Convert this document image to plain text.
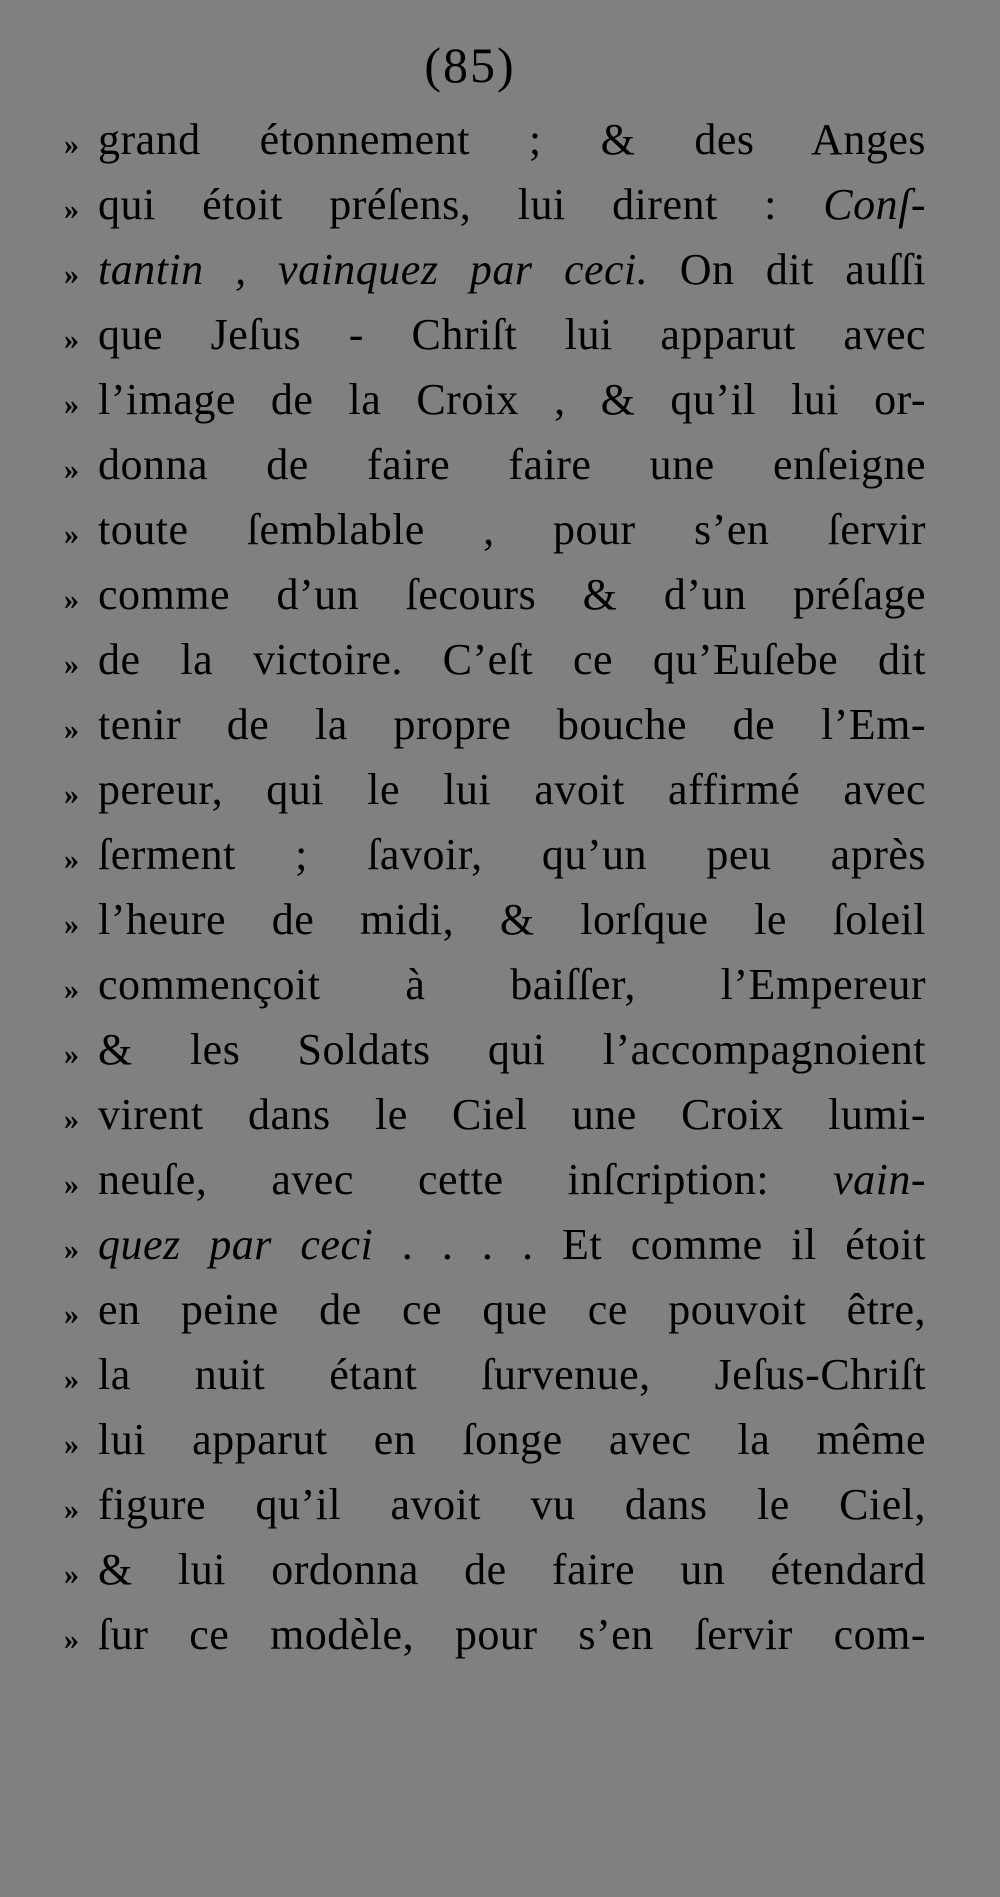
(85)
» grand étonnement ; & des Anges
» qui étoit préſens, lui dirent : Conſ-
» tantin , vainquez par ceci. On dit auſſi
» que Jeſus - Chriſt lui apparut avec
» l’image de la Croix , & qu’il lui or-
» donna de faire faire une enſeigne
» toute ſemblable , pour s’en ſervir
» comme d’un ſecours & d’un préſage
» de la victoire. C’eſt ce qu’Euſebe dit
» tenir de la propre bouche de l’Em-
» pereur, qui le lui avoit affirmé avec
» ſerment ; ſavoir, qu’un peu après
» l’heure de midi, & lorſque le ſoleil
» commençoit à baiſſer, l’Empereur
» & les Soldats qui l’accompagnoient
» virent dans le Ciel une Croix lumi-
» neuſe, avec cette inſcription: vain-
» quez par ceci . . . . Et comme il étoit
» en peine de ce que ce pouvoit être,
» la nuit étant ſurvenue, Jeſus-Chriſt
» lui apparut en ſonge avec la même
» figure qu’il avoit vu dans le Ciel,
» & lui ordonna de faire un étendard
» ſur ce modèle, pour s’en ſervir com-
